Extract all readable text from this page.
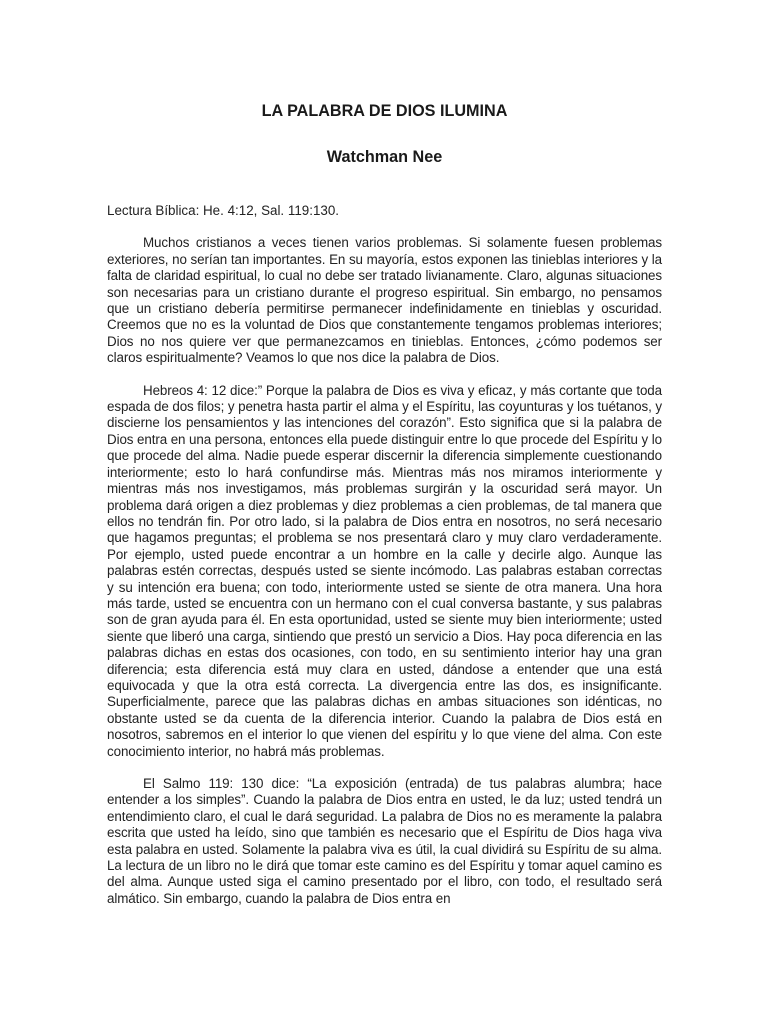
LA PALABRA DE DIOS ILUMINA
Watchman Nee

Lectura Bíblica: He. 4:12, Sal. 119:130.

Muchos cristianos a veces tienen varios problemas. Si solamente fuesen problemas exteriores, no serían tan importantes. En su mayoría, estos exponen las tinieblas interiores y la falta de claridad espiritual, lo cual no debe ser tratado livianamente. Claro, algunas situaciones son necesarias para un cristiano durante el progreso espiritual. Sin embargo, no pensamos que un cristiano debería permitirse permanecer indefinidamente en tinieblas y oscuridad. Creemos que no es la voluntad de Dios que constantemente tengamos problemas interiores; Dios no nos quiere ver que permanezcamos en tinieblas. Entonces, ¿cómo podemos ser claros espiritualmente? Veamos lo que nos dice la palabra de Dios.

Hebreos 4: 12 dice:” Porque la palabra de Dios es viva y eficaz, y más cortante que toda espada de dos filos; y penetra hasta partir el alma y el Espíritu, las coyunturas y los tuétanos, y discierne los pensamientos y las intenciones del corazón”. Esto significa que si la palabra de Dios entra en una persona, entonces ella puede distinguir entre lo que procede del Espíritu y lo que procede del alma. Nadie puede esperar discernir la diferencia simplemente cuestionando interiormente; esto lo hará confundirse más. Mientras más nos miramos interiormente y mientras más nos investigamos, más problemas surgirán y la oscuridad será mayor. Un problema dará origen a diez problemas y diez problemas a cien problemas, de tal manera que ellos no tendrán fin. Por otro lado, si la palabra de Dios entra en nosotros, no será necesario que hagamos preguntas; el problema se nos presentará claro y muy claro verdaderamente. Por ejemplo, usted puede encontrar a un hombre en la calle y decirle algo. Aunque las palabras estén correctas, después usted se siente incómodo. Las palabras estaban correctas y su intención era buena; con todo, interiormente usted se siente de otra manera. Una hora más tarde, usted se encuentra con un hermano con el cual conversa bastante, y sus palabras son de gran ayuda para él. En esta oportunidad, usted se siente muy bien interiormente; usted siente que liberó una carga, sintiendo que prestó un servicio a Dios. Hay poca diferencia en las palabras dichas en estas dos ocasiones, con todo, en su sentimiento interior hay una gran diferencia; esta diferencia está muy clara en usted, dándose a entender que una está equivocada y que la otra está correcta. La divergencia entre las dos, es insignificante. Superficialmente, parece que las palabras dichas en ambas situaciones son idénticas, no obstante usted se da cuenta de la diferencia interior. Cuando la palabra de Dios está en nosotros, sabremos en el interior lo que vienen del espíritu y lo que viene del alma. Con este conocimiento interior, no habrá más problemas.

El Salmo 119: 130 dice: “La exposición (entrada) de tus palabras alumbra; hace entender a los simples”. Cuando la palabra de Dios entra en usted, le da luz; usted tendrá un entendimiento claro, el cual le dará seguridad. La palabra de Dios no es meramente la palabra escrita que usted ha leído, sino que también es necesario que el Espíritu de Dios haga viva esta palabra en usted. Solamente la palabra viva es útil, la cual dividirá su Espíritu de su alma. La lectura de un libro no le dirá que tomar este camino es del Espíritu y tomar aquel camino es del alma. Aunque usted siga el camino presentado por el libro, con todo, el resultado será almático. Sin embargo, cuando la palabra de Dios entra en
